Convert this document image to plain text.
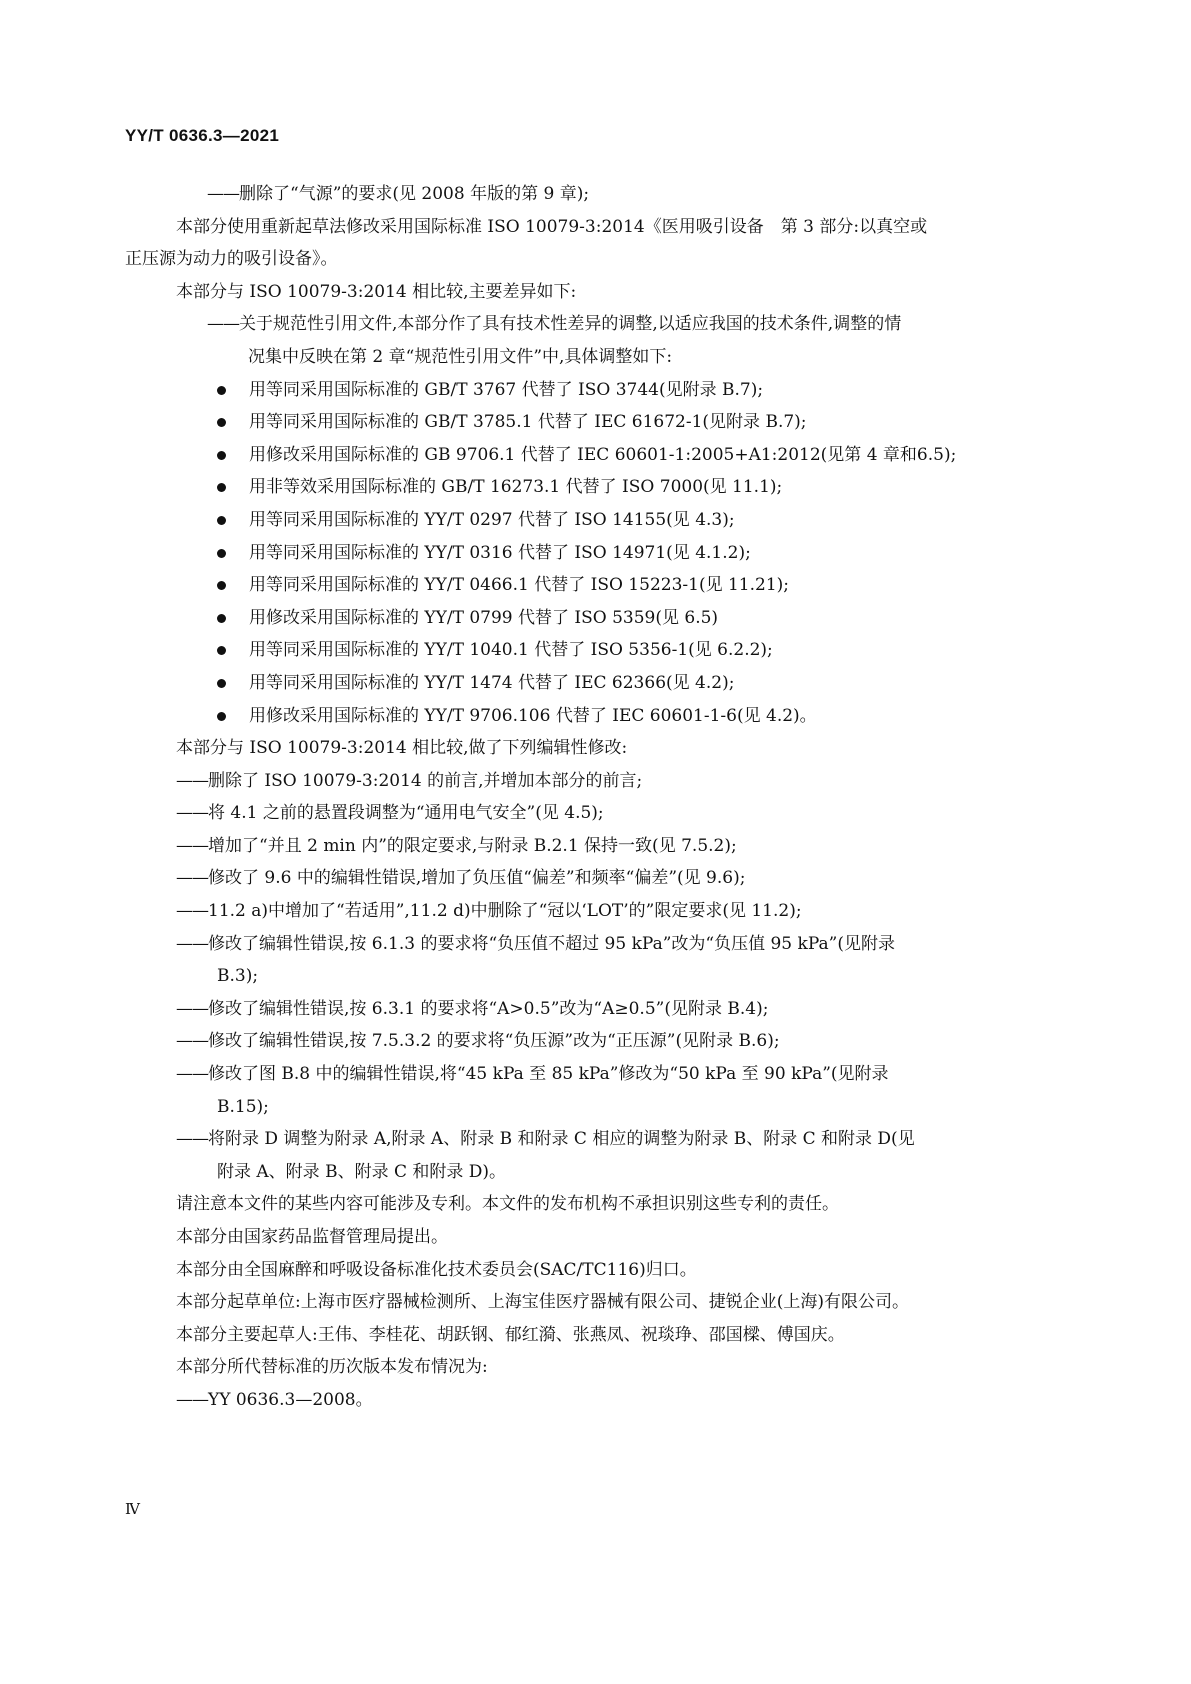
YY/T 0636.3—2021

——删除了“气源”的要求(见 2008 年版的第 9 章);

本部分使用重新起草法修改采用国际标准 ISO 10079-3:2014《医用吸引设备　第 3 部分:以真空或

正压源为动力的吸引设备》。

本部分与 ISO 10079-3:2014 相比较,主要差异如下:

——关于规范性引用文件,本部分作了具有技术性差异的调整,以适应我国的技术条件,调整的情
况集中反映在第 2 章“规范性引用文件”中,具体调整如下:

用等同采用国际标准的 GB/T 3767 代替了 ISO 3744(见附录 B.7);
用等同采用国际标准的 GB/T 3785.1 代替了 IEC 61672-1(见附录 B.7);
用修改采用国际标准的 GB 9706.1 代替了 IEC 60601-1:2005+A1:2012(见第 4 章和6.5);
用非等效采用国际标准的 GB/T 16273.1 代替了 ISO 7000(见 11.1);
用等同采用国际标准的 YY/T 0297 代替了 ISO 14155(见 4.3);
用等同采用国际标准的 YY/T 0316 代替了 ISO 14971(见 4.1.2);
用等同采用国际标准的 YY/T 0466.1 代替了 ISO 15223-1(见 11.21);
用修改采用国际标准的 YY/T 0799 代替了 ISO 5359(见 6.5)
用等同采用国际标准的 YY/T 1040.1 代替了 ISO 5356-1(见 6.2.2);
用等同采用国际标准的 YY/T 1474 代替了 IEC 62366(见 4.2);
用修改采用国际标准的 YY/T 9706.106 代替了 IEC 60601-1-6(见 4.2)。

本部分与 ISO 10079-3:2014 相比较,做了下列编辑性修改:

——删除了 ISO 10079-3:2014 的前言,并增加本部分的前言;

——将 4.1 之前的悬置段调整为“通用电气安全”(见 4.5);

——增加了“并且 2 min 内”的限定要求,与附录 B.2.1 保持一致(见 7.5.2);

——修改了 9.6 中的编辑性错误,增加了负压值“偏差”和频率“偏差”(见 9.6);

——11.2 a)中增加了“若适用”,11.2 d)中删除了“冠以‘LOT’的”限定要求(见 11.2);

——修改了编辑性错误,按 6.1.3 的要求将“负压值不超过 95 kPa”改为“负压值 95 kPa”(见附录
B.3);

——修改了编辑性错误,按 6.3.1 的要求将“A>0.5”改为“A≥0.5”(见附录 B.4);

——修改了编辑性错误,按 7.5.3.2 的要求将“负压源”改为“正压源”(见附录 B.6);

——修改了图 B.8 中的编辑性错误,将“45 kPa 至 85 kPa”修改为“50 kPa 至 90 kPa”(见附录
B.15);

——将附录 D 调整为附录 A,附录 A、附录 B 和附录 C 相应的调整为附录 B、附录 C 和附录 D(见
附录 A、附录 B、附录 C 和附录 D)。

请注意本文件的某些内容可能涉及专利。本文件的发布机构不承担识别这些专利的责任。

本部分由国家药品监督管理局提出。

本部分由全国麻醉和呼吸设备标准化技术委员会(SAC/TC116)归口。

本部分起草单位:上海市医疗器械检测所、上海宝佳医疗器械有限公司、捷锐企业(上海)有限公司。

本部分主要起草人:王伟、李桂花、胡跃钢、郁红漪、张燕凤、祝琰琤、邵国樑、傅国庆。

本部分所代替标准的历次版本发布情况为:

——YY 0636.3—2008。

Ⅳ
